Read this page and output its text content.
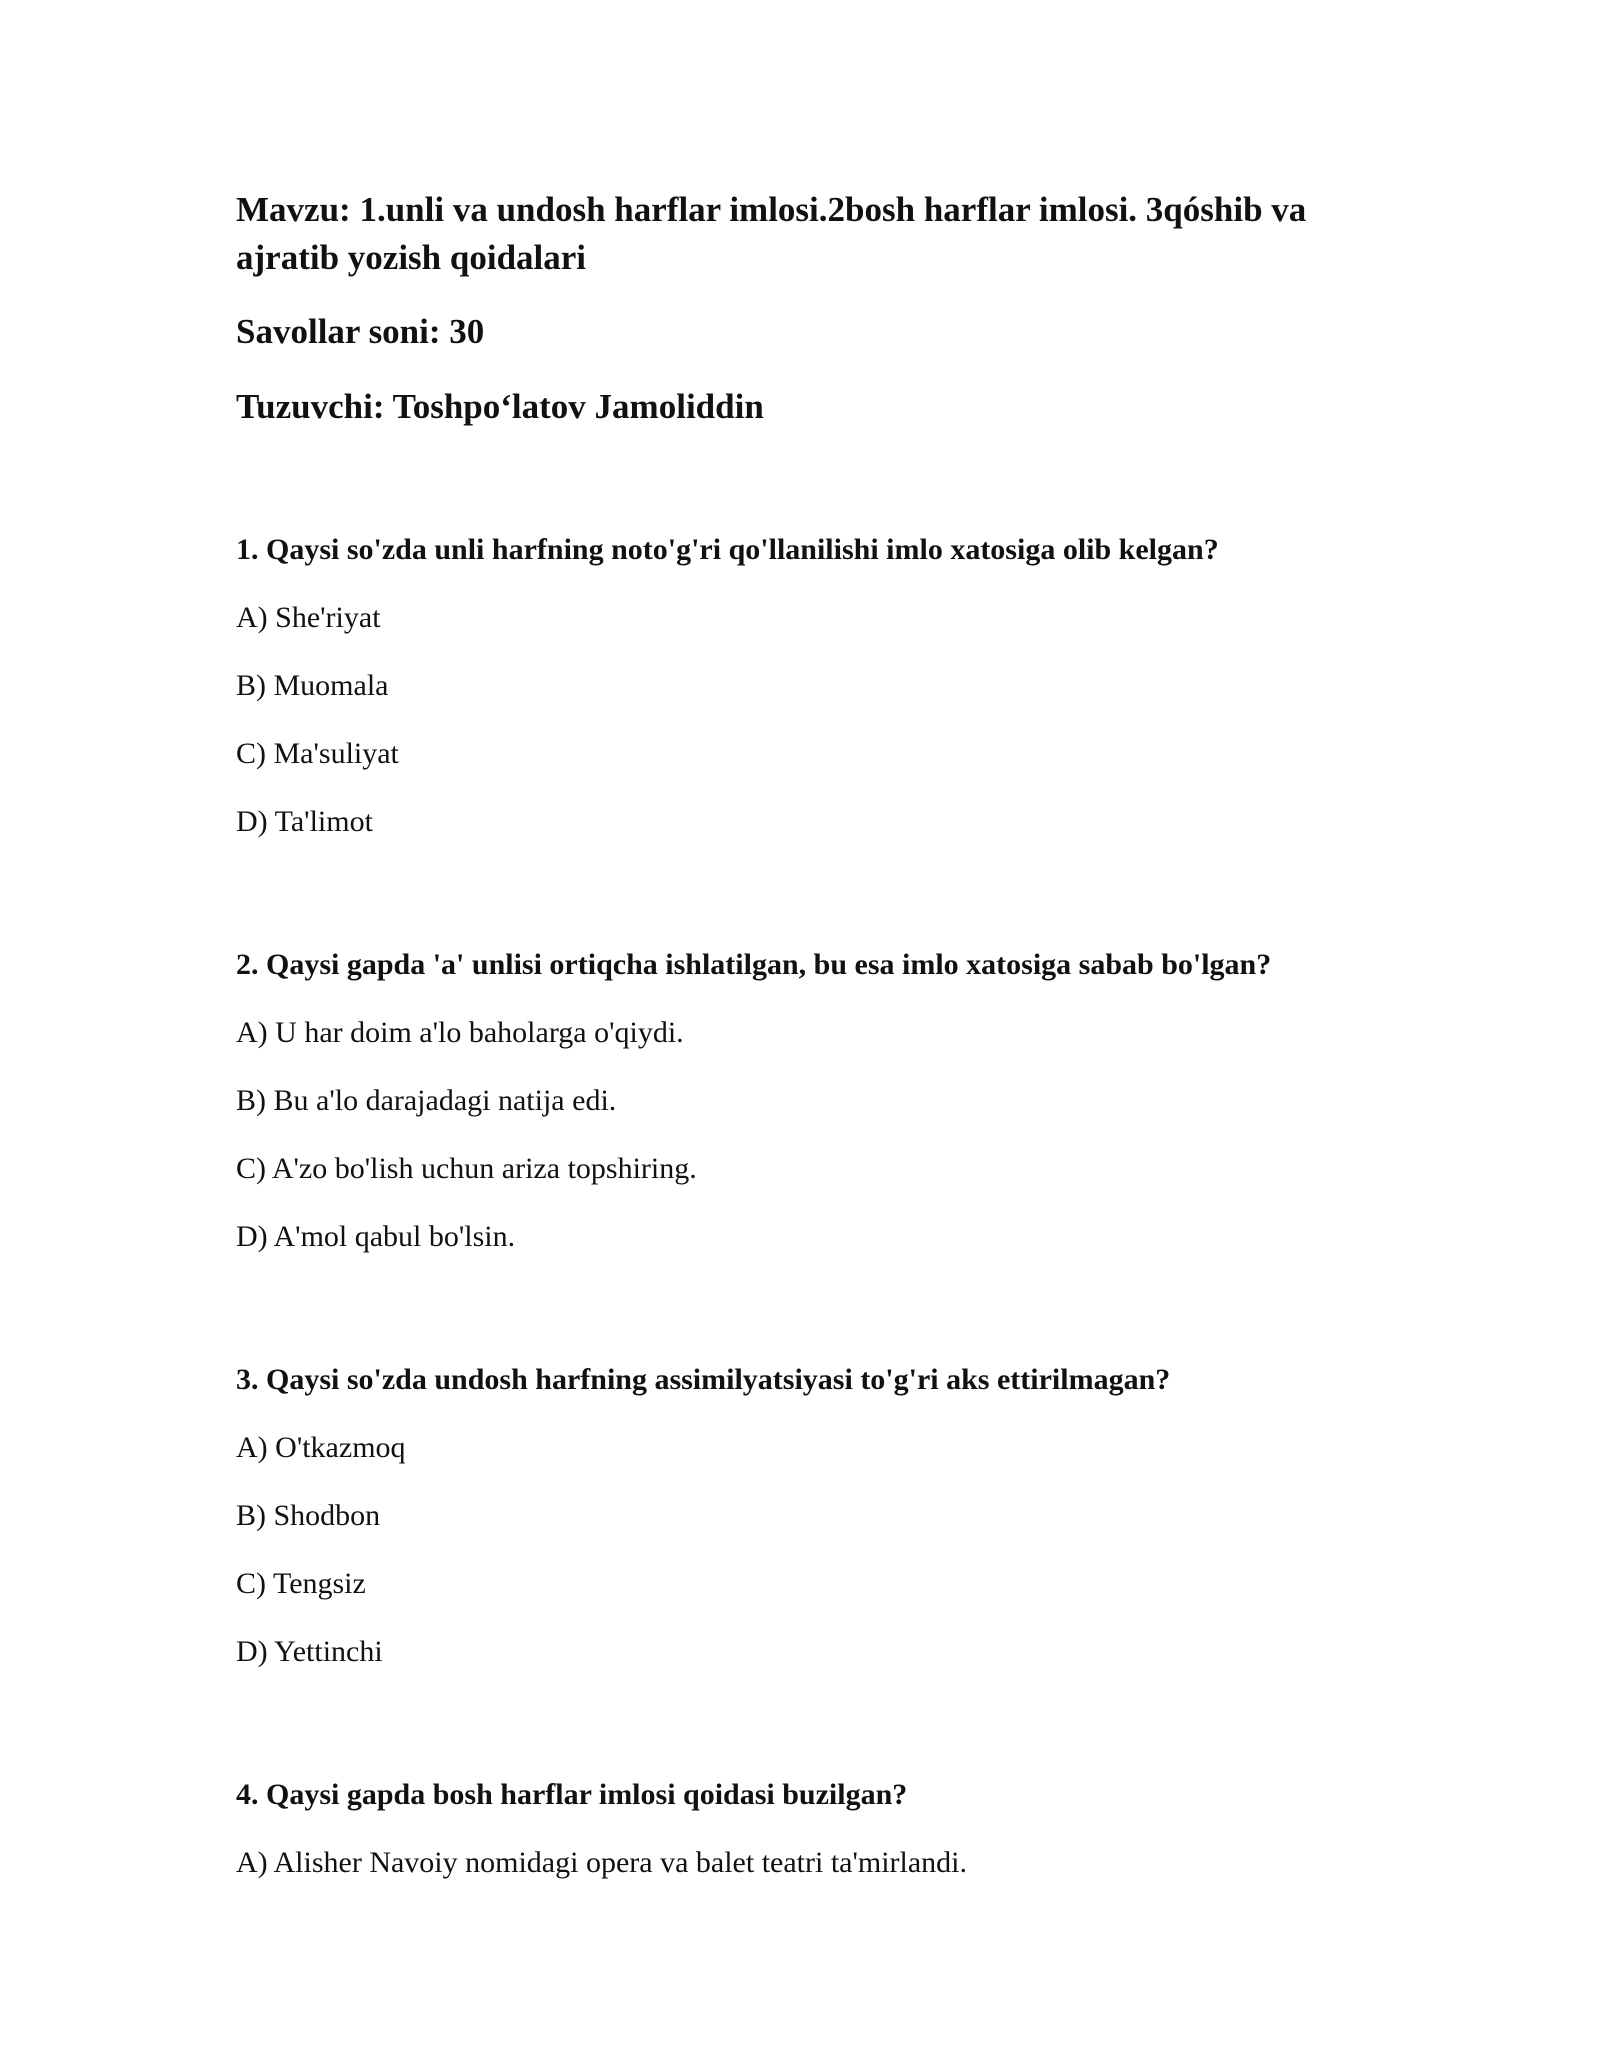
Mavzu: 1.unli va undosh harflar imlosi.2bosh harflar imlosi. 3qóshib va ajratib yozish qoidalari

Savollar soni: 30

Tuzuvchi: Toshpo‘latov Jamoliddin

1. Qaysi so'zda unli harfning noto'g'ri qo'llanilishi imlo xatosiga olib kelgan?

A) She'riyat

B) Muomala

C) Ma'suliyat

D) Ta'limot

2. Qaysi gapda 'a' unlisi ortiqcha ishlatilgan, bu esa imlo xatosiga sabab bo'lgan?

A) U har doim a'lo baholarga o'qiydi.

B) Bu a'lo darajadagi natija edi.

C) A'zo bo'lish uchun ariza topshiring.

D) A'mol qabul bo'lsin.

3. Qaysi so'zda undosh harfning assimilyatsiyasi to'g'ri aks ettirilmagan?

A) O'tkazmoq

B) Shodbon

C) Tengsiz

D) Yettinchi

4. Qaysi gapda bosh harflar imlosi qoidasi buzilgan?

A) Alisher Navoiy nomidagi opera va balet teatri ta'mirlandi.
